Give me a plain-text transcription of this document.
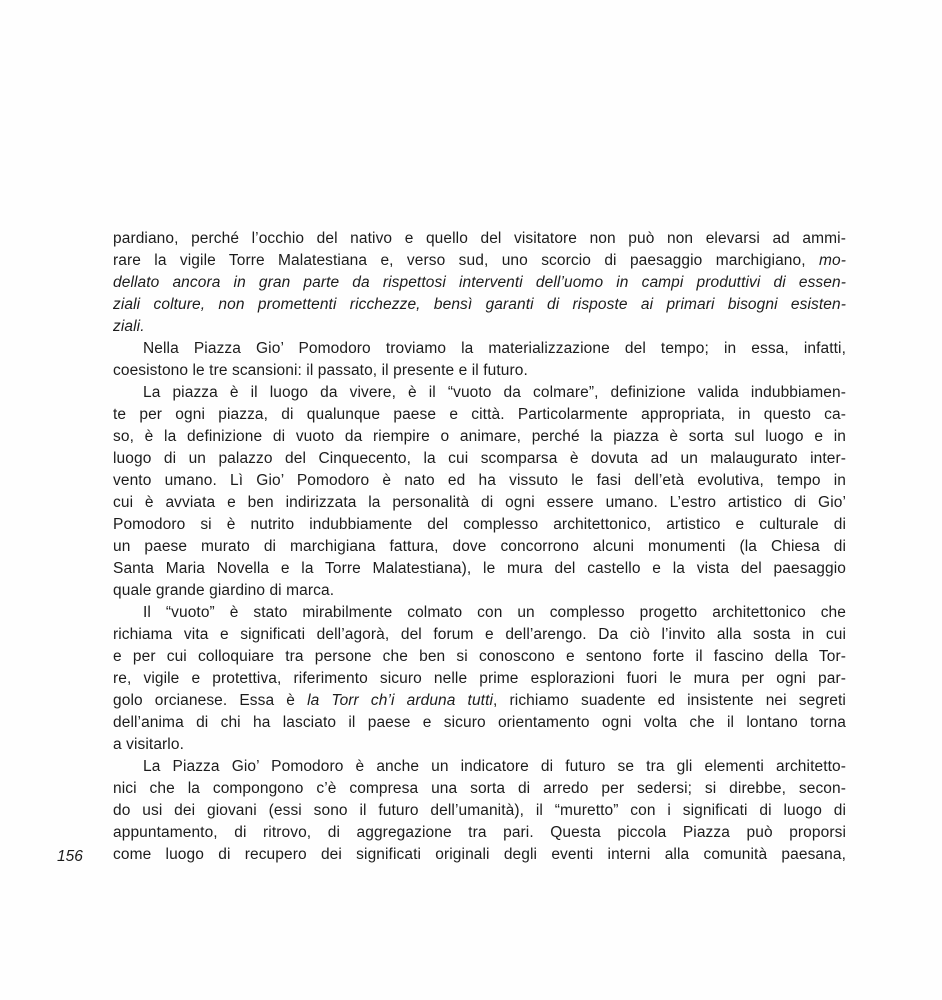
pardiano, perché l’occhio del nativo e quello del visitatore non può non elevarsi ad ammi-
rare la vigile Torre Malatestiana e, verso sud, uno scorcio di paesaggio marchigiano, mo-
dellato ancora in gran parte da rispettosi interventi dell’uomo in campi produttivi di essen-
ziali colture, non promettenti ricchezze, bensì garanti di risposte ai primari bisogni esisten-
ziali.
Nella Piazza Gio’ Pomodoro troviamo la materializzazione del tempo; in essa, infatti,
coesistono le tre scansioni: il passato, il presente e il futuro.
La piazza è il luogo da vivere, è il “vuoto da colmare”, definizione valida indubbiamen-
te per ogni piazza, di qualunque paese e città. Particolarmente appropriata, in questo ca-
so, è la definizione di vuoto da riempire o animare, perché la piazza è sorta sul luogo e in
luogo di un palazzo del Cinquecento, la cui scomparsa è dovuta ad un malaugurato inter-
vento umano. Lì Gio’ Pomodoro è nato ed ha vissuto le fasi dell’età evolutiva, tempo in
cui è avviata e ben indirizzata la personalità di ogni essere umano. L’estro artistico di Gio’
Pomodoro si è nutrito indubbiamente del complesso architettonico, artistico e culturale di
un paese murato di marchigiana fattura, dove concorrono alcuni monumenti (la Chiesa di
Santa Maria Novella e la Torre Malatestiana), le mura del castello e la vista del paesaggio
quale grande giardino di marca.
Il “vuoto” è stato mirabilmente colmato con un complesso progetto architettonico che
richiama vita e significati dell’agorà, del forum e dell’arengo. Da ciò l’invito alla sosta in cui
e per cui colloquiare tra persone che ben si conoscono e sentono forte il fascino della Tor-
re, vigile e protettiva, riferimento sicuro nelle prime esplorazioni fuori le mura per ogni par-
golo orcianese. Essa è la Torr ch’i arduna tutti, richiamo suadente ed insistente nei segreti
dell’anima di chi ha lasciato il paese e sicuro orientamento ogni volta che il lontano torna
a visitarlo.
La Piazza Gio’ Pomodoro è anche un indicatore di futuro se tra gli elementi architetto-
nici che la compongono c’è compresa una sorta di arredo per sedersi; si direbbe, secon-
do usi dei giovani (essi sono il futuro dell’umanità), il “muretto” con i significati di luogo di
appuntamento, di ritrovo, di aggregazione tra pari. Questa piccola Piazza può proporsi
come luogo di recupero dei significati originali degli eventi interni alla comunità paesana,
156
